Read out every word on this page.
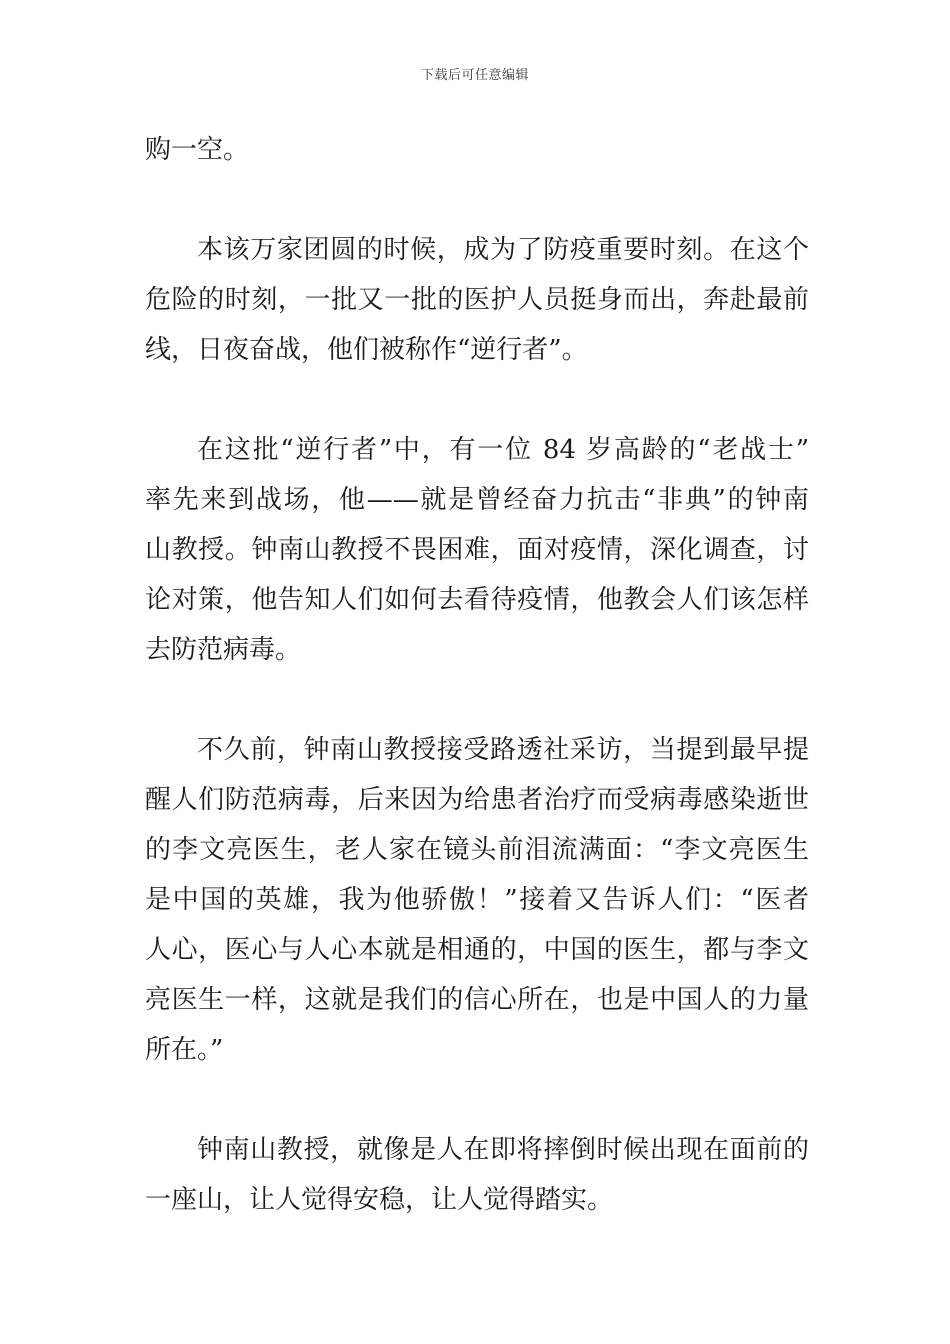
下载后可任意编辑
购一空。
本该万家团圆的时候，成为了防疫重要时刻。在这个
危险的时刻，一批又一批的医护人员挺身而出，奔赴最前
线，日夜奋战，他们被称作“逆行者”。
在这批“逆行者”中，有一位 84 岁高龄的“老战士”
率先来到战场，他——就是曾经奋力抗击“非典”的钟南
山教授。钟南山教授不畏困难，面对疫情，深化调查，讨
论对策，他告知人们如何去看待疫情，他教会人们该怎样
去防范病毒。
不久前，钟南山教授接受路透社采访，当提到最早提
醒人们防范病毒，后来因为给患者治疗而受病毒感染逝世
的李文亮医生，老人家在镜头前泪流满面：“李文亮医生
是中国的英雄，我为他骄傲！”接着又告诉人们：“医者
人心，医心与人心本就是相通的，中国的医生，都与李文
亮医生一样，这就是我们的信心所在，也是中国人的力量
所在。”
钟南山教授，就像是人在即将摔倒时候出现在面前的
一座山，让人觉得安稳，让人觉得踏实。
